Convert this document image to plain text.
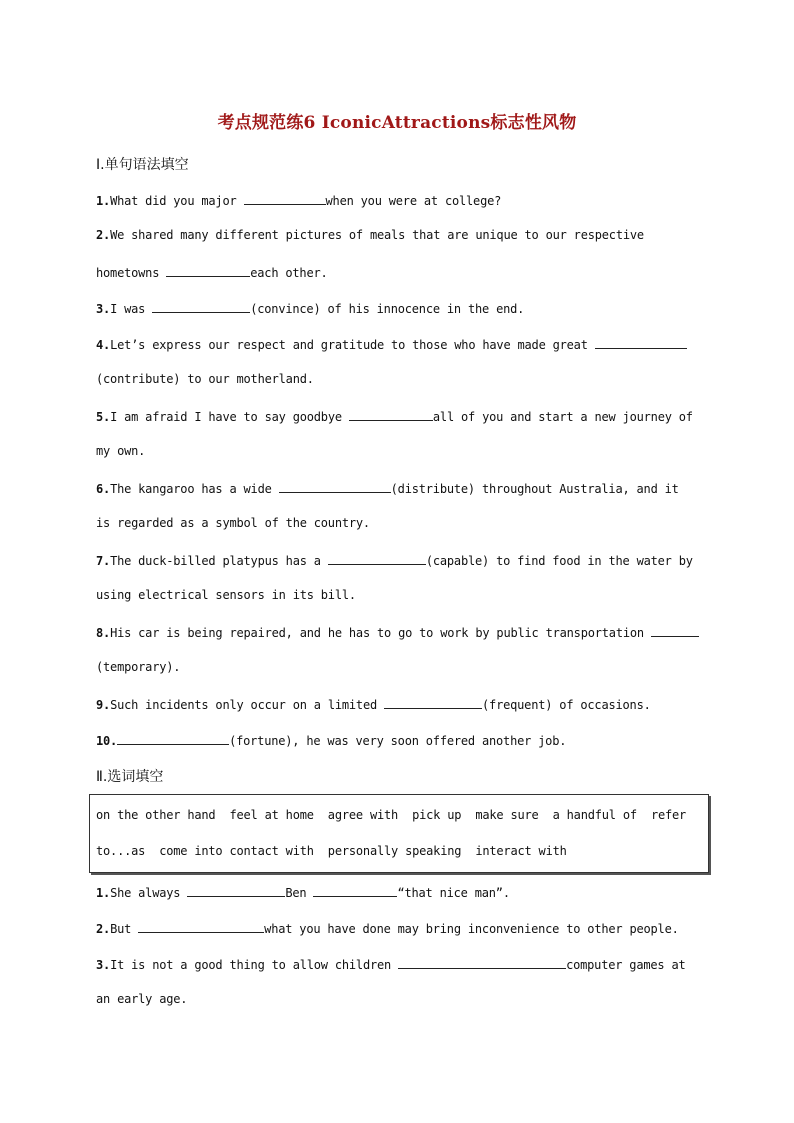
考点规范练6 IconicAttractions标志性风物
Ⅰ.单句语法填空
1.What did you major	when you were at college?
2.We shared many different pictures of meals that are unique to our respective
hometowns	each other.
3.I was	(convince) of his innocence in the end.
4.Let’s express our respect and gratitude to those who have made great
(contribute) to our motherland.
5.I am afraid I have to say goodbye	all of you and start a new journey of
my own.
6.The kangaroo has a wide	(distribute) throughout Australia, and it
is regarded as a symbol of the country.
7.The duck-billed platypus has a	(capable) to find food in the water by
using electrical sensors in its bill.
8.His car is being repaired, and he has to go to work by public transportation
(temporary).
9.Such incidents only occur on a limited	(frequent) of occasions.
10.	(fortune), he was very soon offered another job.
Ⅱ.选词填空
on the other hand  feel at home  agree with  pick up  make sure  a handful of  refer
to...as  come into contact with  personally speaking  interact with
1.She always	Ben	“that nice man”.
2.But	what you have done may bring inconvenience to other people.
3.It is not a good thing to allow children	computer games at
an early age.
